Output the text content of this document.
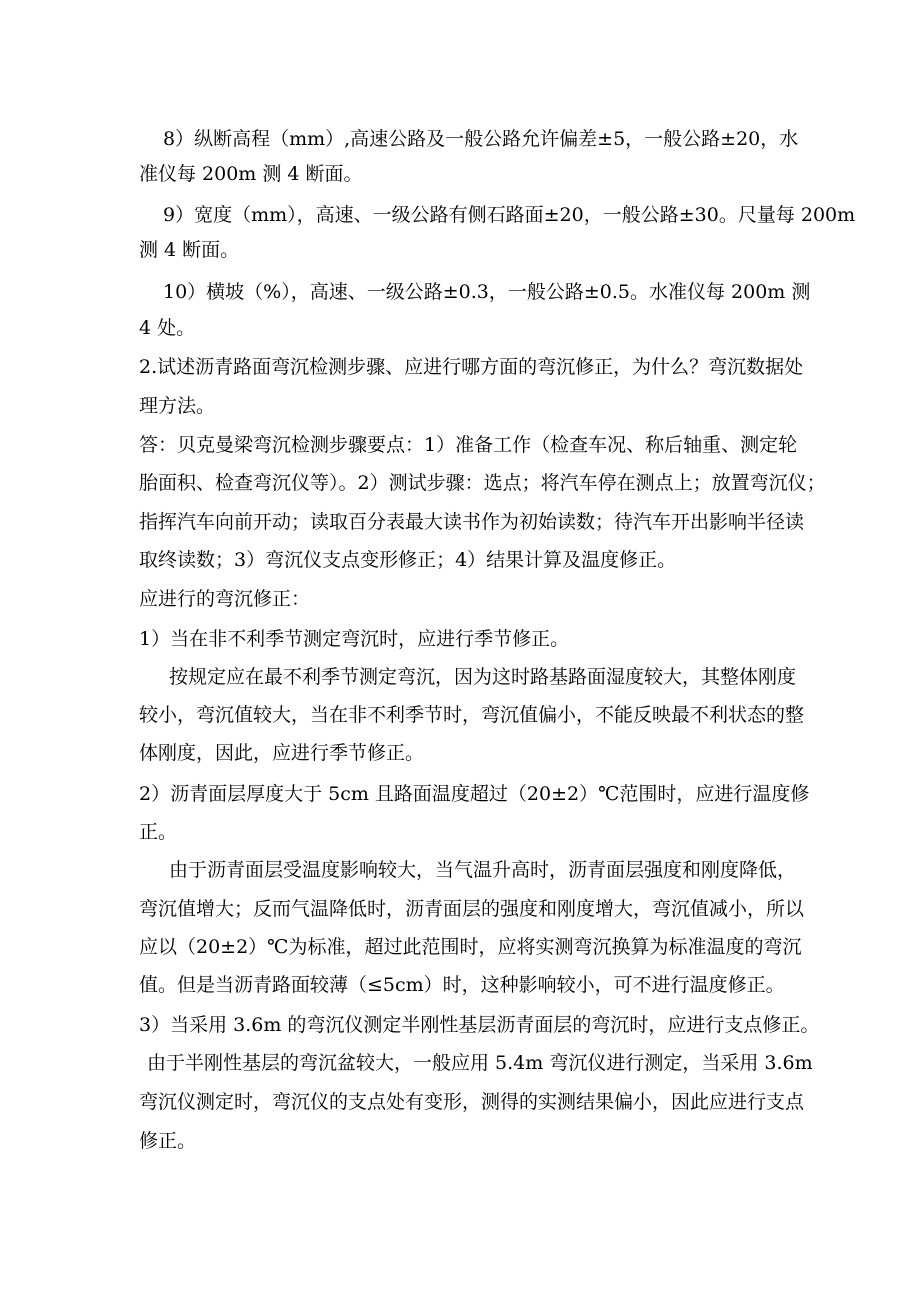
8）纵断高程（mm）,高速公路及一般公路允许偏差±5，一般公路±20，水
准仪每 200m 测 4 断面。
9）宽度（mm），高速、一级公路有侧石路面±20，一般公路±30。尺量每 200m
测 4 断面。
10）横坡（%），高速、一级公路±0.3，一般公路±0.5。水准仪每 200m 测
4 处。
2.试述沥青路面弯沉检测步骤、应进行哪方面的弯沉修正，为什么？弯沉数据处
理方法。
答：贝克曼梁弯沉检测步骤要点：1）准备工作（检查车况、称后轴重、测定轮
胎面积、检查弯沉仪等）。2）测试步骤：选点；将汽车停在测点上；放置弯沉仪；
指挥汽车向前开动；读取百分表最大读书作为初始读数；待汽车开出影响半径读
取终读数；3）弯沉仪支点变形修正；4）结果计算及温度修正。
应进行的弯沉修正：
1）当在非不利季节测定弯沉时，应进行季节修正。
按规定应在最不利季节测定弯沉，因为这时路基路面湿度较大，其整体刚度
较小，弯沉值较大，当在非不利季节时，弯沉值偏小，不能反映最不利状态的整
体刚度，因此，应进行季节修正。
2）沥青面层厚度大于 5cm 且路面温度超过（20±2）℃范围时，应进行温度修
正。
由于沥青面层受温度影响较大，当气温升高时，沥青面层强度和刚度降低，
弯沉值增大；反而气温降低时，沥青面层的强度和刚度增大，弯沉值减小，所以
应以（20±2）℃为标准，超过此范围时，应将实测弯沉换算为标准温度的弯沉
值。但是当沥青路面较薄（≤5cm）时，这种影响较小，可不进行温度修正。
3）当采用 3.6m 的弯沉仪测定半刚性基层沥青面层的弯沉时，应进行支点修正。
由于半刚性基层的弯沉盆较大，一般应用 5.4m 弯沉仪进行测定，当采用 3.6m
弯沉仪测定时，弯沉仪的支点处有变形，测得的实测结果偏小，因此应进行支点
修正。
